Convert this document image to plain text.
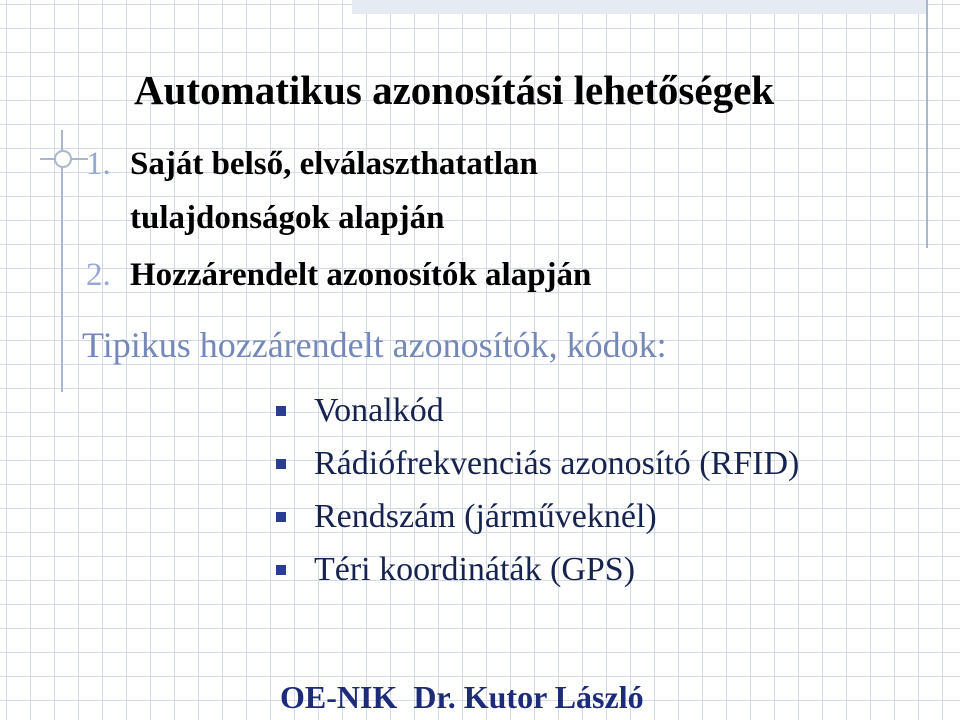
Automatikus azonosítási lehetőségek
1. Saját belső, elválaszthatatlan
tulajdonságok alapján
2. Hozzárendelt azonosítók alapján
Tipikus hozzárendelt azonosítók, kódok:
Vonalkód
Rádiófrekvenciás azonosító (RFID)
Rendszám (járműveknél)
Téri koordináták (GPS)
OE-NIK  Dr. Kutor László
